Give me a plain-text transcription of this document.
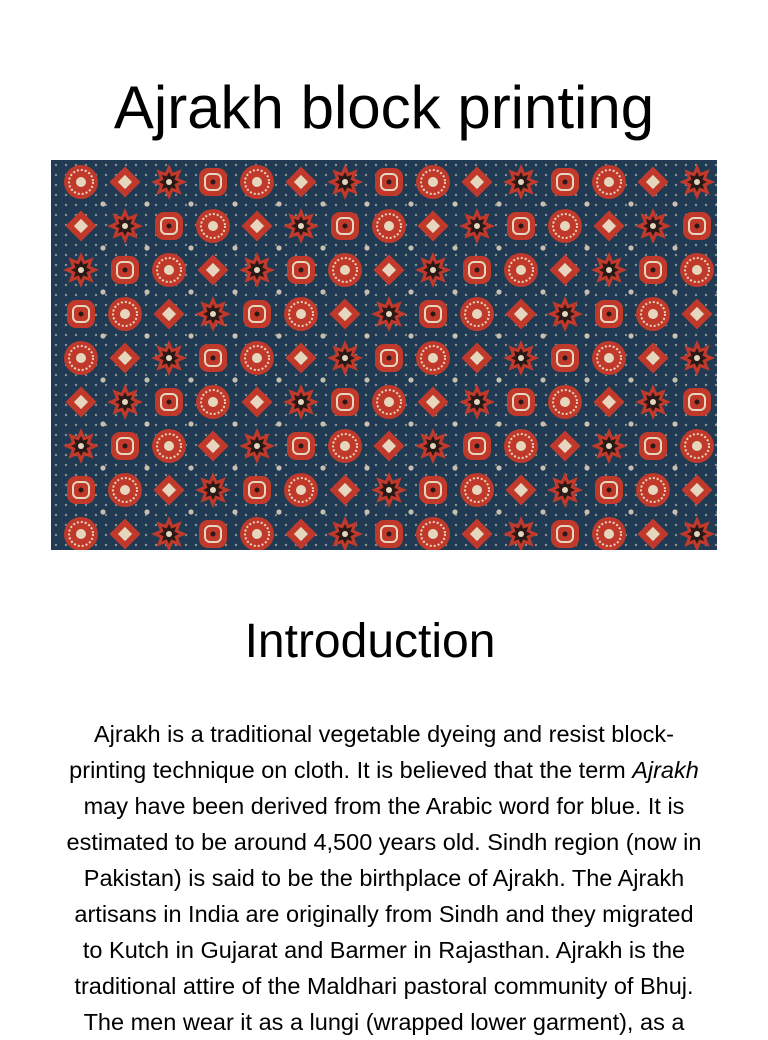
Ajrakh block printing
Introduction

Ajrakh is a traditional vegetable dyeing and resist block-
printing technique on cloth. It is believed that the term Ajrakh
may have been derived from the Arabic word for blue. It is
estimated to be around 4,500 years old. Sindh region (now in
Pakistan) is said to be the birthplace of Ajrakh. The Ajrakh
artisans in India are originally from Sindh and they migrated
to Kutch in Gujarat and Barmer in Rajasthan. Ajrakh is the
traditional attire of the Maldhari pastoral community of Bhuj.
The men wear it as a lungi (wrapped lower garment), as a
